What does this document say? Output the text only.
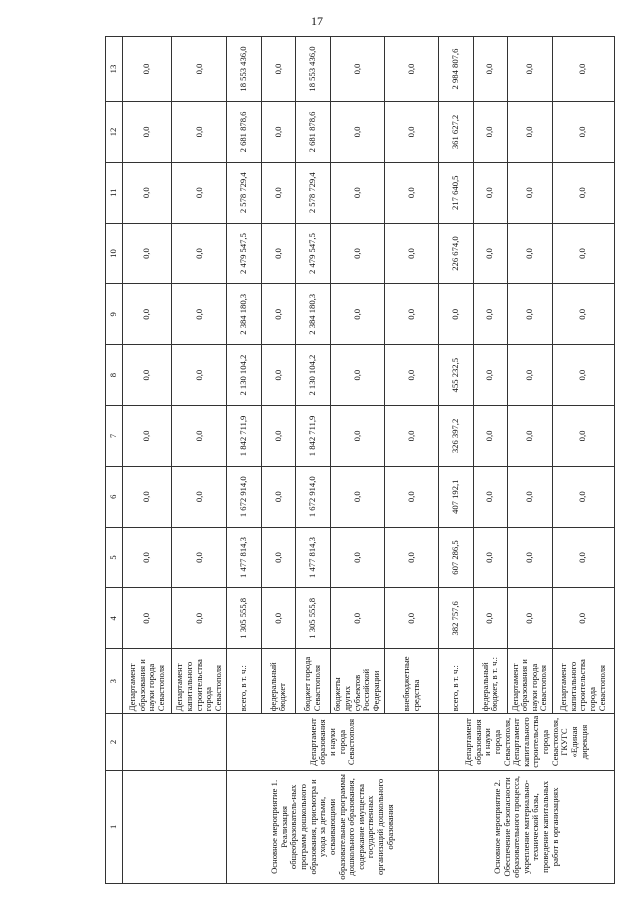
17
1	2	3	4	5	6	7	8	9	10	11	12	13
		Департамент образования и науки города Севастополя	0,0	0,0	0,0	0,0	0,0	0,0	0,0	0,0	0,0	0,0
		Департамент капитального строительства города Севастополя	0,0	0,0	0,0	0,0	0,0	0,0	0,0	0,0	0,0	0,0
Основное мероприятие 1. Реализация общеобразователь-ных программ дошкольного образования, присмотра и ухода за детьми, осваивающими образовательные программы дошкольного образования, содержание имущества государственных организаций дошкольного образования	Департамент образования и науки города Севастополя	всего, в т. ч.:	1 305 555,8	1 477 814,3	1 672 914,0	1 842 711,9	2 130 104,2	2 384 180,3	2 479 547,5	2 578 729,4	2 681 878,6	18 553 436,0
		федеральный бюджет	0,0	0,0	0,0	0,0	0,0	0,0	0,0	0,0	0,0	0,0
		бюджет города Севастополя	1 305 555,8	1 477 814,3	1 672 914,0	1 842 711,9	2 130 104,2	2 384 180,3	2 479 547,5	2 578 729,4	2 681 878,6	18 553 436,0
		бюджеты других субъектов Российской Федерации	0,0	0,0	0,0	0,0	0,0	0,0	0,0	0,0	0,0	0,0
		внебюджетные средства	0,0	0,0	0,0	0,0	0,0	0,0	0,0	0,0	0,0	0,0
Основное мероприятие 2. Обеспечение безопасности образовательного процесса, укрепление материально-технической базы, проведение капитальных работ в организациях	Департамент образования и науки города Севастополя, Департамент капитального строительства города Севастополя, ГКУГС «Единая дирекция	всего, в т. ч.:	382 757,6	607 286,5	407 192,1	326 397,2	455 232,5	0,0	226 674,0	217 640,5	361 627,2	2 984 807,6
		федеральный бюджет, в т. ч.:	0,0	0,0	0,0	0,0	0,0	0,0	0,0	0,0	0,0	0,0
		Департамент образования и науки города Севастополя	0,0	0,0	0,0	0,0	0,0	0,0	0,0	0,0	0,0	0,0
		Департамент капитального строительства города Севастополя	0,0	0,0	0,0	0,0	0,0	0,0	0,0	0,0	0,0	0,0
